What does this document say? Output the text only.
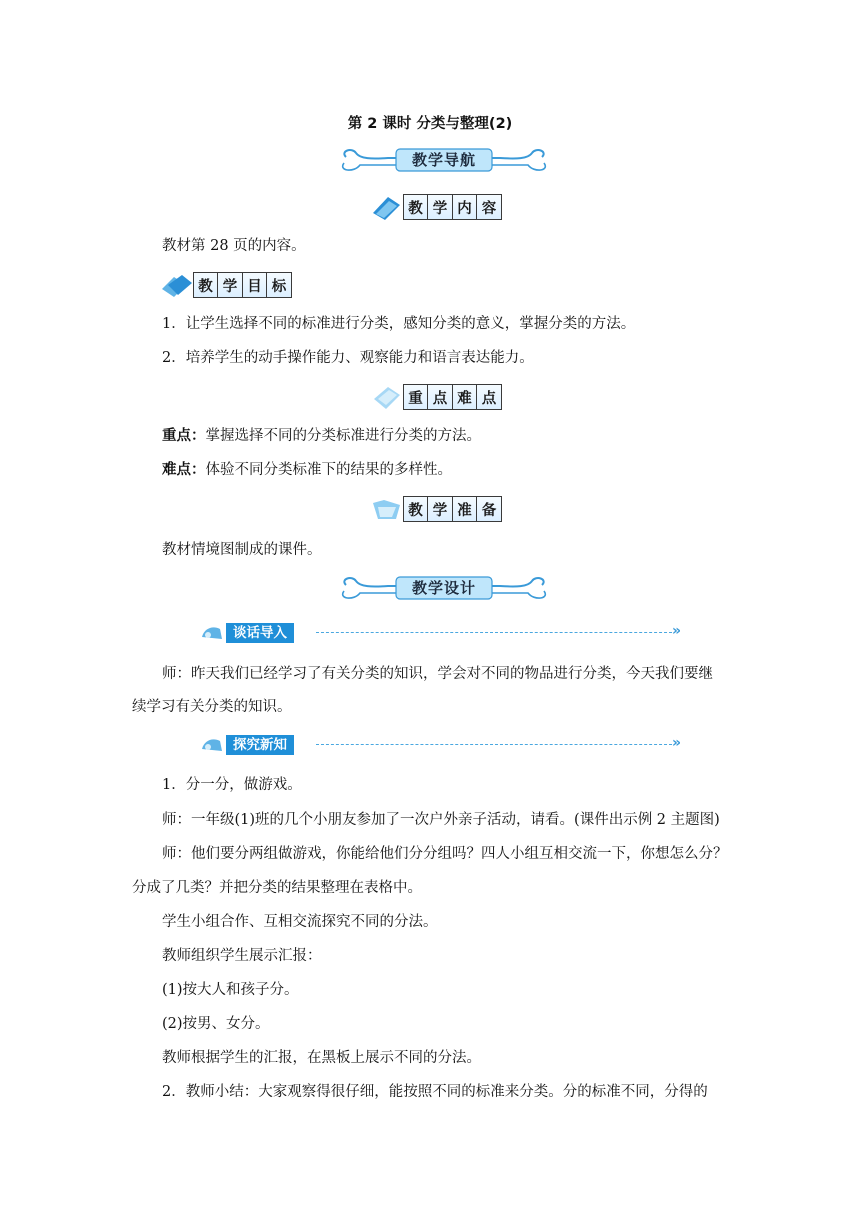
第 2 课时 分类与整理(2)
教学导航
教 学 内 容
教材第 28 页的内容。
教 学 目 标
1．让学生选择不同的标准进行分类，感知分类的意义，掌握分类的方法。
2．培养学生的动手操作能力、观察能力和语言表达能力。
重 点 难 点
重点：掌握选择不同的分类标准进行分类的方法。
难点：体验不同分类标准下的结果的多样性。
教 学 准 备
教材情境图制成的课件。
教学设计
谈话导入	»
师：昨天我们已经学习了有关分类的知识，学会对不同的物品进行分类，今天我们要继
续学习有关分类的知识。
探究新知	»
1．分一分，做游戏。
师：一年级(1)班的几个小朋友参加了一次户外亲子活动，请看。(课件出示例 2 主题图)
师：他们要分两组做游戏，你能给他们分分组吗？四人小组互相交流一下，你想怎么分？
分成了几类？并把分类的结果整理在表格中。
学生小组合作、互相交流探究不同的分法。
教师组织学生展示汇报：
(1)按大人和孩子分。
(2)按男、女分。
教师根据学生的汇报，在黑板上展示不同的分法。
2．教师小结：大家观察得很仔细，能按照不同的标准来分类。分的标准不同，分得的
